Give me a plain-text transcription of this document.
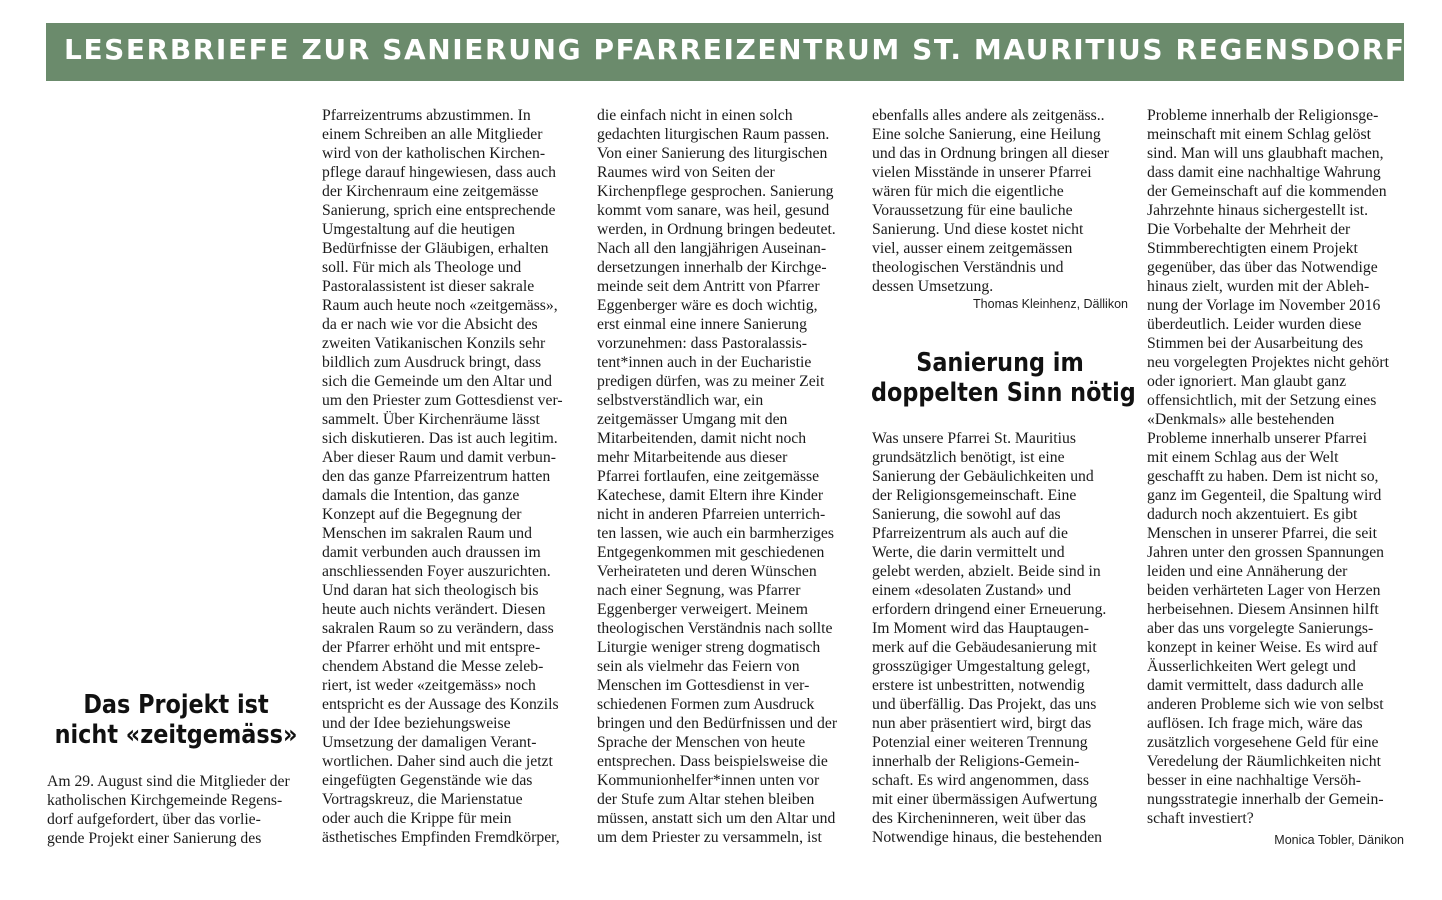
LESERBRIEFE ZUR SANIERUNG PFARREIZENTRUM ST. MAURITIUS REGENSDORF
Das Projekt ist
nicht «zeitgemäss»
Am 29. August sind die Mitglieder der
katholischen Kirchgemeinde Regens-
dorf aufgefordert, über das vorlie-
gende Projekt einer Sanierung des
Pfarreizentrums abzustimmen. In
einem Schreiben an alle Mitglieder
wird von der katholischen Kirchen-
pflege darauf hingewiesen, dass auch
der Kirchenraum eine zeitgemässe
Sanierung, sprich eine entsprechende
Umgestaltung auf die heutigen
Bedürfnisse der Gläubigen, erhalten
soll. Für mich als Theologe und
Pastoralassistent ist dieser sakrale
Raum auch heute noch «zeitgemäss»,
da er nach wie vor die Absicht des
zweiten Vatikanischen Konzils sehr
bildlich zum Ausdruck bringt, dass
sich die Gemeinde um den Altar und
um den Priester zum Gottesdienst ver-
sammelt. Über Kirchenräume lässt
sich diskutieren. Das ist auch legitim.
Aber dieser Raum und damit verbun-
den das ganze Pfarreizentrum hatten
damals die Intention, das ganze
Konzept auf die Begegnung der
Menschen im sakralen Raum und
damit verbunden auch draussen im
anschliessenden Foyer auszurichten.
Und daran hat sich theologisch bis
heute auch nichts verändert. Diesen
sakralen Raum so zu verändern, dass
der Pfarrer erhöht und mit entspre-
chendem Abstand die Messe zeleb-
riert, ist weder «zeitgemäss» noch
entspricht es der Aussage des Konzils
und der Idee beziehungsweise
Umsetzung der damaligen Verant-
wortlichen. Daher sind auch die jetzt
eingefügten Gegenstände wie das
Vortragskreuz, die Marienstatue
oder auch die Krippe für mein
ästhetisches Empfinden Fremdkörper,
die einfach nicht in einen solch
gedachten liturgischen Raum passen.
Von einer Sanierung des liturgischen
Raumes wird von Seiten der
Kirchenpflege gesprochen. Sanierung
kommt vom sanare, was heil, gesund
werden, in Ordnung bringen bedeutet.
Nach all den langjährigen Auseinan-
dersetzungen innerhalb der Kirchge-
meinde seit dem Antritt von Pfarrer
Eggenberger wäre es doch wichtig,
erst einmal eine innere Sanierung
vorzunehmen: dass Pastoralassis-
tent*innen auch in der Eucharistie
predigen dürfen, was zu meiner Zeit
selbstverständlich war, ein
zeitgemässer Umgang mit den
Mitarbeitenden, damit nicht noch
mehr Mitarbeitende aus dieser
Pfarrei fortlaufen, eine zeitgemässe
Katechese, damit Eltern ihre Kinder
nicht in anderen Pfarreien unterrich-
ten lassen, wie auch ein barmherziges
Entgegenkommen mit geschiedenen
Verheirateten und deren Wünschen
nach einer Segnung, was Pfarrer
Eggenberger verweigert. Meinem
theologischen Verständnis nach sollte
Liturgie weniger streng dogmatisch
sein als vielmehr das Feiern von
Menschen im Gottesdienst in ver-
schiedenen Formen zum Ausdruck
bringen und den Bedürfnissen und der
Sprache der Menschen von heute
entsprechen. Dass beispielsweise die
Kommunionhelfer*innen unten vor
der Stufe zum Altar stehen bleiben
müssen, anstatt sich um den Altar und
um dem Priester zu versammeln, ist
ebenfalls alles andere als zeitgenäss..
Eine solche Sanierung, eine Heilung
und das in Ordnung bringen all dieser
vielen Misstände in unserer Pfarrei
wären für mich die eigentliche
Voraussetzung für eine bauliche
Sanierung. Und diese kostet nicht
viel, ausser einem zeitgemässen
theologischen Verständnis und
dessen Umsetzung.
Thomas Kleinhenz, Dällikon
Sanierung im
doppelten Sinn nötig
Was unsere Pfarrei St. Mauritius
grundsätzlich benötigt, ist eine
Sanierung der Gebäulichkeiten und
der Religionsgemeinschaft. Eine
Sanierung, die sowohl auf das
Pfarreizentrum als auch auf die
Werte, die darin vermittelt und
gelebt werden, abzielt. Beide sind in
einem «desolaten Zustand» und
erfordern dringend einer Erneuerung.
Im Moment wird das Hauptaugen-
merk auf die Gebäudesanierung mit
grosszügiger Umgestaltung gelegt,
erstere ist unbestritten, notwendig
und überfällig. Das Projekt, das uns
nun aber präsentiert wird, birgt das
Potenzial einer weiteren Trennung
innerhalb der Religions-Gemein-
schaft. Es wird angenommen, dass
mit einer übermässigen Aufwertung
des Kircheninneren, weit über das
Notwendige hinaus, die bestehenden
Probleme innerhalb der Religionsge-
meinschaft mit einem Schlag gelöst
sind. Man will uns glaubhaft machen,
dass damit eine nachhaltige Wahrung
der Gemeinschaft auf die kommenden
Jahrzehnte hinaus sichergestellt ist.
Die Vorbehalte der Mehrheit der
Stimmberechtigten einem Projekt
gegenüber, das über das Notwendige
hinaus zielt, wurden mit der Ableh-
nung der Vorlage im November 2016
überdeutlich. Leider wurden diese
Stimmen bei der Ausarbeitung des
neu vorgelegten Projektes nicht gehört
oder ignoriert. Man glaubt ganz
offensichtlich, mit der Setzung eines
«Denkmals» alle bestehenden
Probleme innerhalb unserer Pfarrei
mit einem Schlag aus der Welt
geschafft zu haben. Dem ist nicht so,
ganz im Gegenteil, die Spaltung wird
dadurch noch akzentuiert. Es gibt
Menschen in unserer Pfarrei, die seit
Jahren unter den grossen Spannungen
leiden und eine Annäherung der
beiden verhärteten Lager von Herzen
herbeisehnen. Diesem Ansinnen hilft
aber das uns vorgelegte Sanierungs-
konzept in keiner Weise. Es wird auf
Äusserlichkeiten Wert gelegt und
damit vermittelt, dass dadurch alle
anderen Probleme sich wie von selbst
auflösen. Ich frage mich, wäre das
zusätzlich vorgesehene Geld für eine
Veredelung der Räumlichkeiten nicht
besser in eine nachhaltige Versöh-
nungsstrategie innerhalb der Gemein-
schaft investiert?
Monica Tobler, Dänikon
